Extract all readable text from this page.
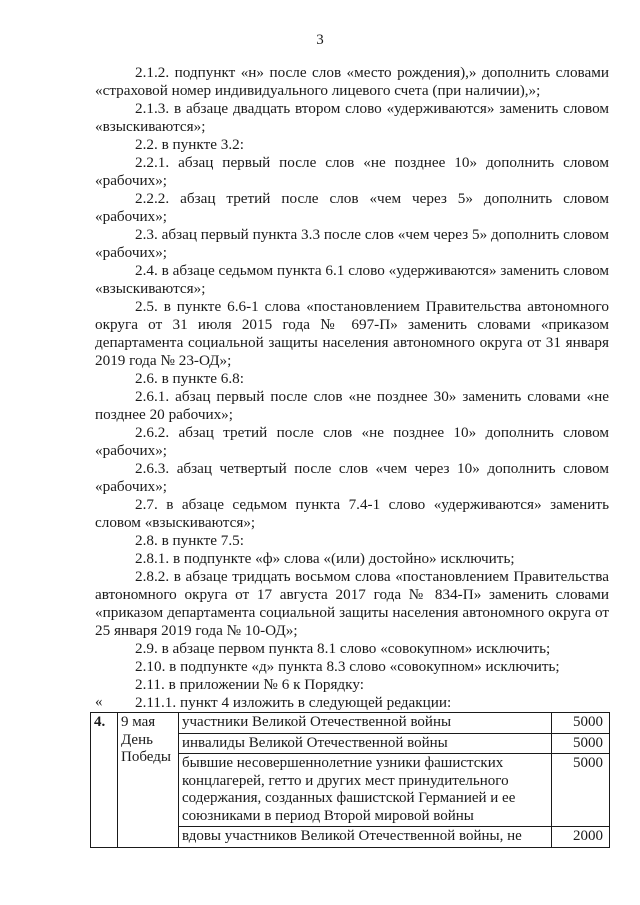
3

2.1.2. подпункт «н» после слов «место рождения),» дополнить словами «страховой номер индивидуального лицевого счета (при наличии),»;

2.1.3. в абзаце двадцать втором слово «удерживаются» заменить словом «взыскиваются»;

2.2. в пункте 3.2:

2.2.1. абзац первый после слов «не позднее 10» дополнить словом «рабочих»;

2.2.2. абзац третий после слов «чем через 5» дополнить словом «рабочих»;

2.3. абзац первый пункта 3.3 после слов «чем через 5» дополнить словом «рабочих»;

2.4. в абзаце седьмом пункта 6.1 слово «удерживаются» заменить словом «взыскиваются»;

2.5. в пункте 6.6-1 слова «постановлением Правительства автономного округа от 31 июля 2015 года № 697-П» заменить словами «приказом департамента социальной защиты населения автономного округа от 31 января 2019 года № 23-ОД»;

2.6. в пункте 6.8:

2.6.1. абзац первый после слов «не позднее 30» заменить словами «не позднее 20 рабочих»;

2.6.2. абзац третий после слов «не позднее 10» дополнить словом «рабочих»;

2.6.3. абзац четвертый после слов «чем через 10» дополнить словом «рабочих»;

2.7. в абзаце седьмом пункта 7.4-1 слово «удерживаются» заменить словом «взыскиваются»;

2.8. в пункте 7.5:

2.8.1. в подпункте «ф» слова «(или) достойно» исключить;

2.8.2. в абзаце тридцать восьмом слова «постановлением Правительства автономного округа от 17 августа 2017 года № 834-П» заменить словами «приказом департамента социальной защиты населения автономного округа от 25 января 2019 года № 10-ОД»;

2.9. в абзаце первом пункта 8.1 слово «совокупном» исключить;

2.10. в подпункте «д» пункта 8.3 слово «совокупном» исключить;

2.11. в приложении № 6 к Порядку:

2.11.1. пункт 4 изложить в следующей редакции:

«
4.	9 мая
День
Победы	участники Великой Отечественной войны	5000
		инвалиды Великой Отечественной войны	5000
		бывшие несовершеннолетние узники фашистских концлагерей, гетто и других мест принудительного содержания, созданных фашистской Германией и ее союзниками в период Второй мировой войны	5000
		вдовы участников Великой Отечественной войны, не	2000
